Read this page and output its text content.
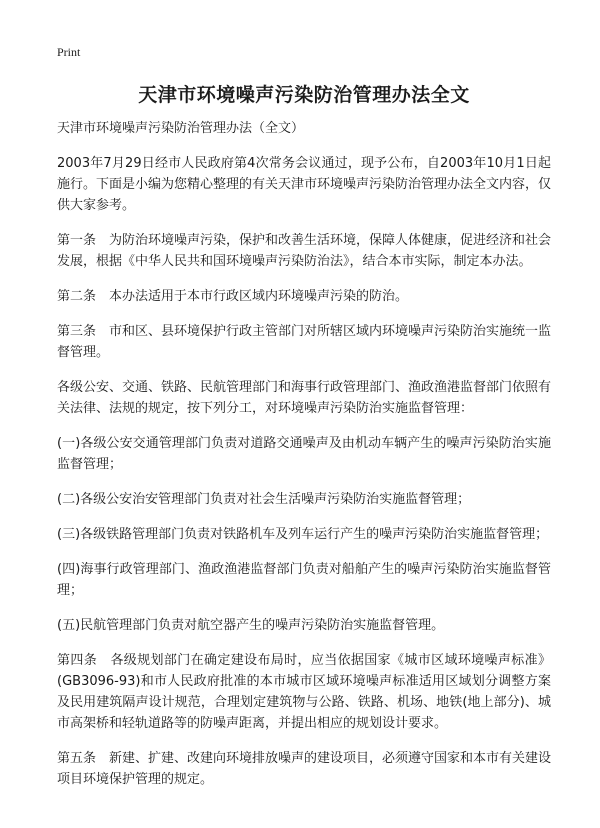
Print
天津市环境噪声污染防治管理办法全文

天津市环境噪声污染防治管理办法（全文）

2003年7月29日经市人民政府第4次常务会议通过，现予公布，自2003年10月1日起施行。下面是小编为您精心整理的有关天津市环境噪声污染防治管理办法全文内容，仅供大家参考。

第一条　为防治环境噪声污染，保护和改善生活环境，保障人体健康，促进经济和社会发展，根据《中华人民共和国环境噪声污染防治法》，结合本市实际，制定本办法。

第二条　本办法适用于本市行政区域内环境噪声污染的防治。

第三条　市和区、县环境保护行政主管部门对所辖区域内环境噪声污染防治实施统一监督管理。

各级公安、交通、铁路、民航管理部门和海事行政管理部门、渔政渔港监督部门依照有关法律、法规的规定，按下列分工，对环境噪声污染防治实施监督管理：

(一)各级公安交通管理部门负责对道路交通噪声及由机动车辆产生的噪声污染防治实施监督管理；

(二)各级公安治安管理部门负责对社会生活噪声污染防治实施监督管理；

(三)各级铁路管理部门负责对铁路机车及列车运行产生的噪声污染防治实施监督管理；

(四)海事行政管理部门、渔政渔港监督部门负责对船舶产生的噪声污染防治实施监督管理；

(五)民航管理部门负责对航空器产生的噪声污染防治实施监督管理。

第四条　各级规划部门在确定建设布局时，应当依据国家《城市区域环境噪声标准》(GB3096-93)和市人民政府批准的本市城市区域环境噪声标准适用区域划分调整方案及民用建筑隔声设计规范，合理划定建筑物与公路、铁路、机场、地铁(地上部分)、城市高架桥和轻轨道路等的防噪声距离，并提出相应的规划设计要求。

第五条　新建、扩建、改建向环境排放噪声的建设项目，必须遵守国家和本市有关建设项目环境保护管理的规定。
